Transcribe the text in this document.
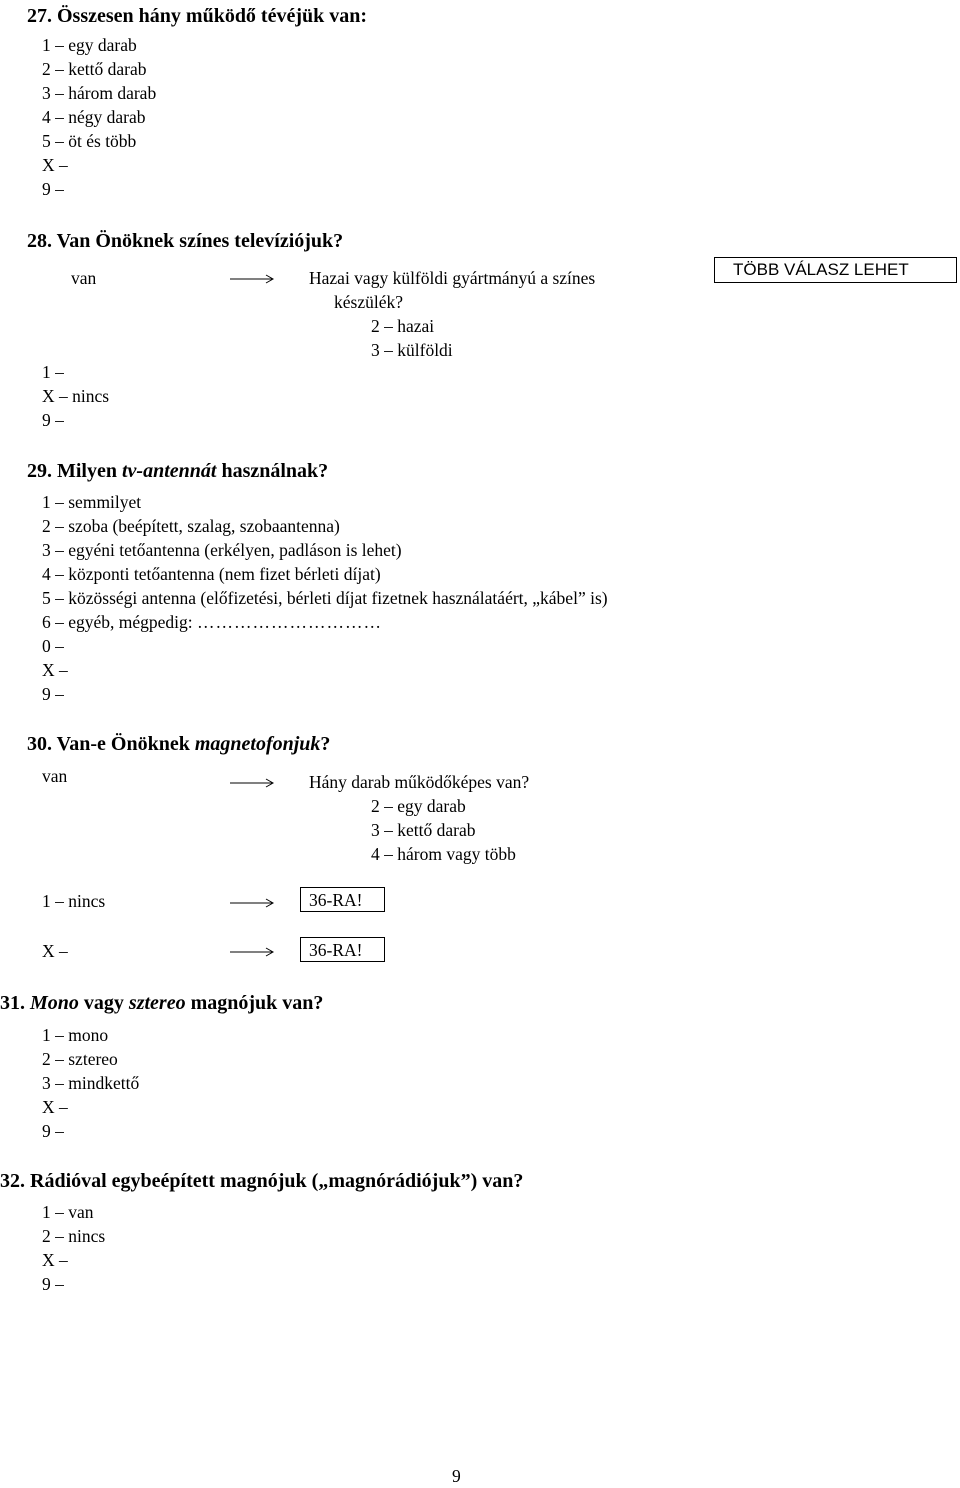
27. Összesen hány működő tévéjük van:
1 – egy darab
2 – kettő darab
3 – három darab
4 – négy darab
5 – öt és több
X –
9 –
28. Van Önöknek színes televíziójuk?
van	Hazai vagy külföldi gyártmányú a színes
készülék?
2 – hazai
3 – külföldi
TÖBB VÁLASZ LEHET
1 –
X – nincs
9 –
29. Milyen tv-antennát használnak?
1 – semmilyet
2 – szoba (beépített, szalag, szobaantenna)
3 – egyéni tetőantenna (erkélyen, padláson is lehet)
4 – központi tetőantenna (nem fizet bérleti díjat)
5 – közösségi antenna (előfizetési, bérleti díjat fizetnek használatáért, „kábel” is)
6 – egyéb, mégpedig: …………………………
0 –
X –
9 –
30. Van-e Önöknek magnetofonjuk?
van	Hány darab működőképes van?
2 – egy darab
3 – kettő darab
4 – három vagy több
1 – nincs	36-RA!
X –	36-RA!
31. Mono vagy sztereo magnójuk van?
1 – mono
2 – sztereo
3 – mindkettő
X –
9 –
32. Rádióval egybeépített magnójuk („magnórádiójuk”) van?
1 – van
2 – nincs
X –
9 –
9
